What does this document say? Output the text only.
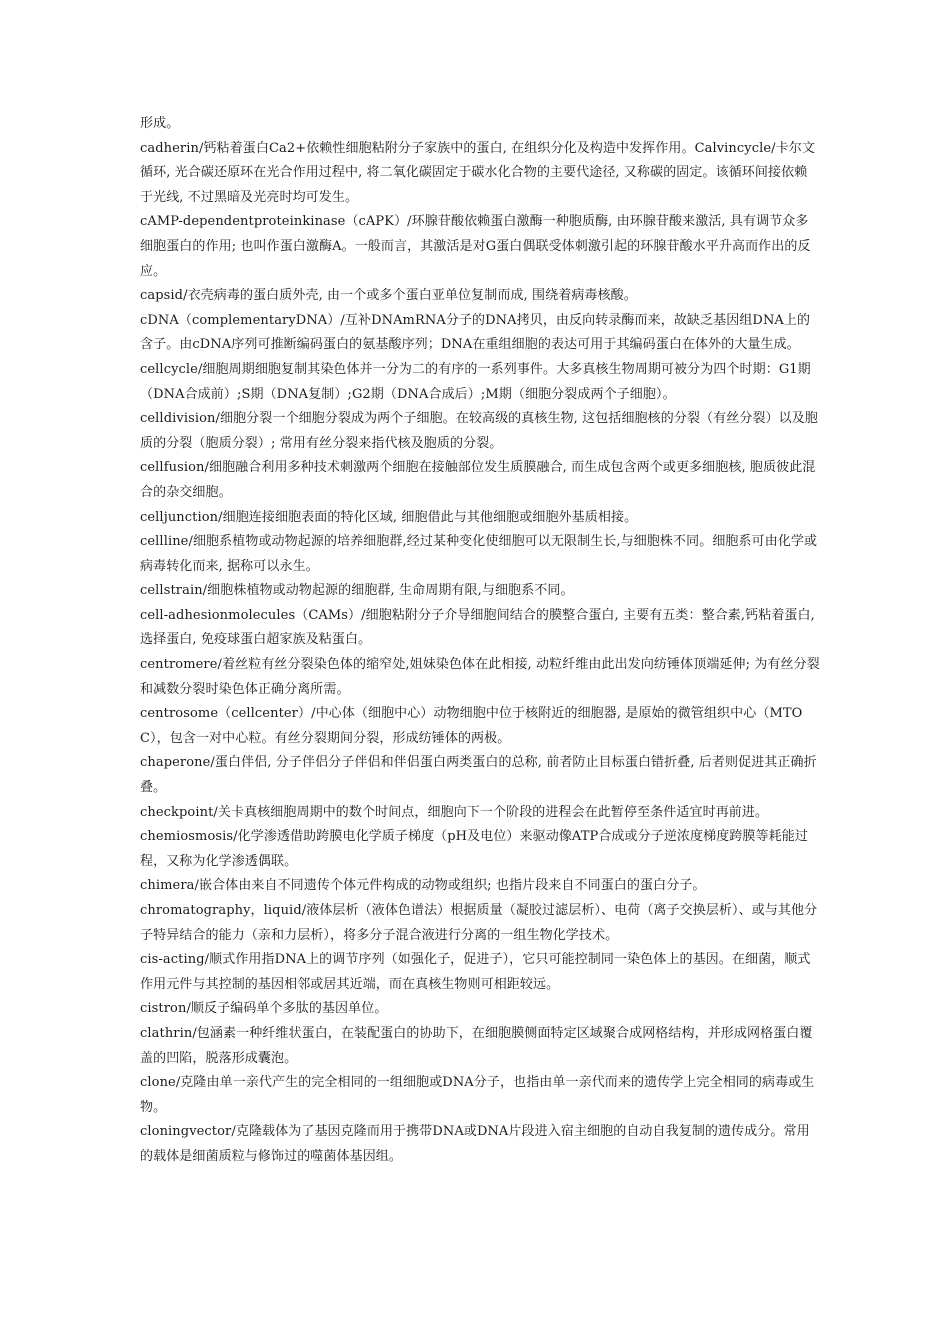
形成。

cadherin/钙粘着蛋白Ca2+依赖性细胞粘附分子家族中的蛋白, 在组织分化及构造中发挥作用。Calvincycle/卡尔文循环, 光合碳还原环在光合作用过程中, 将二氧化碳固定于碳水化合物的主要代途径, 又称碳的固定。该循环间接依赖于光线, 不过黑暗及光亮时均可发生。

cAMP-dependentproteinkinase（cAPK）/环腺苷酸依赖蛋白激酶一种胞质酶, 由环腺苷酸来激活, 具有调节众多细胞蛋白的作用; 也叫作蛋白激酶A。一般而言，其激活是对G蛋白偶联受体刺激引起的环腺苷酸水平升高而作出的反应。

capsid/衣壳病毒的蛋白质外壳, 由一个或多个蛋白亚单位复制而成, 围绕着病毒核酸。

cDNA（complementaryDNA）/互补DNAmRNA分子的DNA拷贝，由反向转录酶而来，故缺乏基因组DNA上的含子。由cDNA序列可推断编码蛋白的氨基酸序列；DNA在重组细胞的表达可用于其编码蛋白在体外的大量生成。

cellcycle/细胞周期细胞复制其染色体并一分为二的有序的一系列事件。大多真核生物周期可被分为四个时期：G1期（DNA合成前）;S期（DNA复制）;G2期（DNA合成后）;M期（细胞分裂成两个子细胞）。

celldivision/细胞分裂一个细胞分裂成为两个子细胞。在较高级的真核生物, 这包括细胞核的分裂（有丝分裂）以及胞质的分裂（胞质分裂）; 常用有丝分裂来指代核及胞质的分裂。

cellfusion/细胞融合利用多种技术刺激两个细胞在接触部位发生质膜融合, 而生成包含两个或更多细胞核, 胞质彼此混合的杂交细胞。

celljunction/细胞连接细胞表面的特化区域, 细胞借此与其他细胞或细胞外基质相接。

cellline/细胞系植物或动物起源的培养细胞群,经过某种变化使细胞可以无限制生长,与细胞株不同。细胞系可由化学或病毒转化而来, 据称可以永生。

cellstrain/细胞株植物或动物起源的细胞群, 生命周期有限,与细胞系不同。

cell-adhesionmolecules（CAMs）/细胞粘附分子介导细胞间结合的膜整合蛋白, 主要有五类：整合素,钙粘着蛋白, 选择蛋白, 免疫球蛋白超家族及粘蛋白。

centromere/着丝粒有丝分裂染色体的缩窄处,姐妹染色体在此相接, 动粒纤维由此出发向纺锤体顶端延伸; 为有丝分裂和减数分裂时染色体正确分离所需。

centrosome（cellcenter）/中心体（细胞中心）动物细胞中位于核附近的细胞器, 是原始的微管组织中心（MTOC），包含一对中心粒。有丝分裂期间分裂，形成纺锤体的两极。

chaperone/蛋白伴侣, 分子伴侣分子伴侣和伴侣蛋白两类蛋白的总称, 前者防止目标蛋白错折叠, 后者则促进其正确折叠。

checkpoint/关卡真核细胞周期中的数个时间点，细胞向下一个阶段的进程会在此暂停至条件适宜时再前进。

chemiosmosis/化学渗透借助跨膜电化学质子梯度（pH及电位）来驱动像ATP合成或分子逆浓度梯度跨膜等耗能过程，又称为化学渗透偶联。

chimera/嵌合体由来自不同遗传个体元件构成的动物或组织; 也指片段来自不同蛋白的蛋白分子。

chromatography，liquid/液体层析（液体色谱法）根据质量（凝胶过滤层析）、电荷（离子交换层析）、或与其他分子特异结合的能力（亲和力层析），将多分子混合液进行分离的一组生物化学技术。

cis-acting/顺式作用指DNA上的调节序列（如强化子，促进子），它只可能控制同一染色体上的基因。在细菌，顺式作用元件与其控制的基因相邻或居其近端，而在真核生物则可相距较远。

cistron/顺反子编码单个多肽的基因单位。

clathrin/包涵素一种纤维状蛋白，在装配蛋白的协助下，在细胞膜侧面特定区域聚合成网格结构，并形成网格蛋白覆盖的凹陷，脱落形成囊泡。

clone/克隆由单一亲代产生的完全相同的一组细胞或DNA分子，也指由单一亲代而来的遗传学上完全相同的病毒或生物。

cloningvector/克隆载体为了基因克隆而用于携带DNA或DNA片段进入宿主细胞的自动自我复制的遗传成分。常用的载体是细菌质粒与修饰过的噬菌体基因组。
